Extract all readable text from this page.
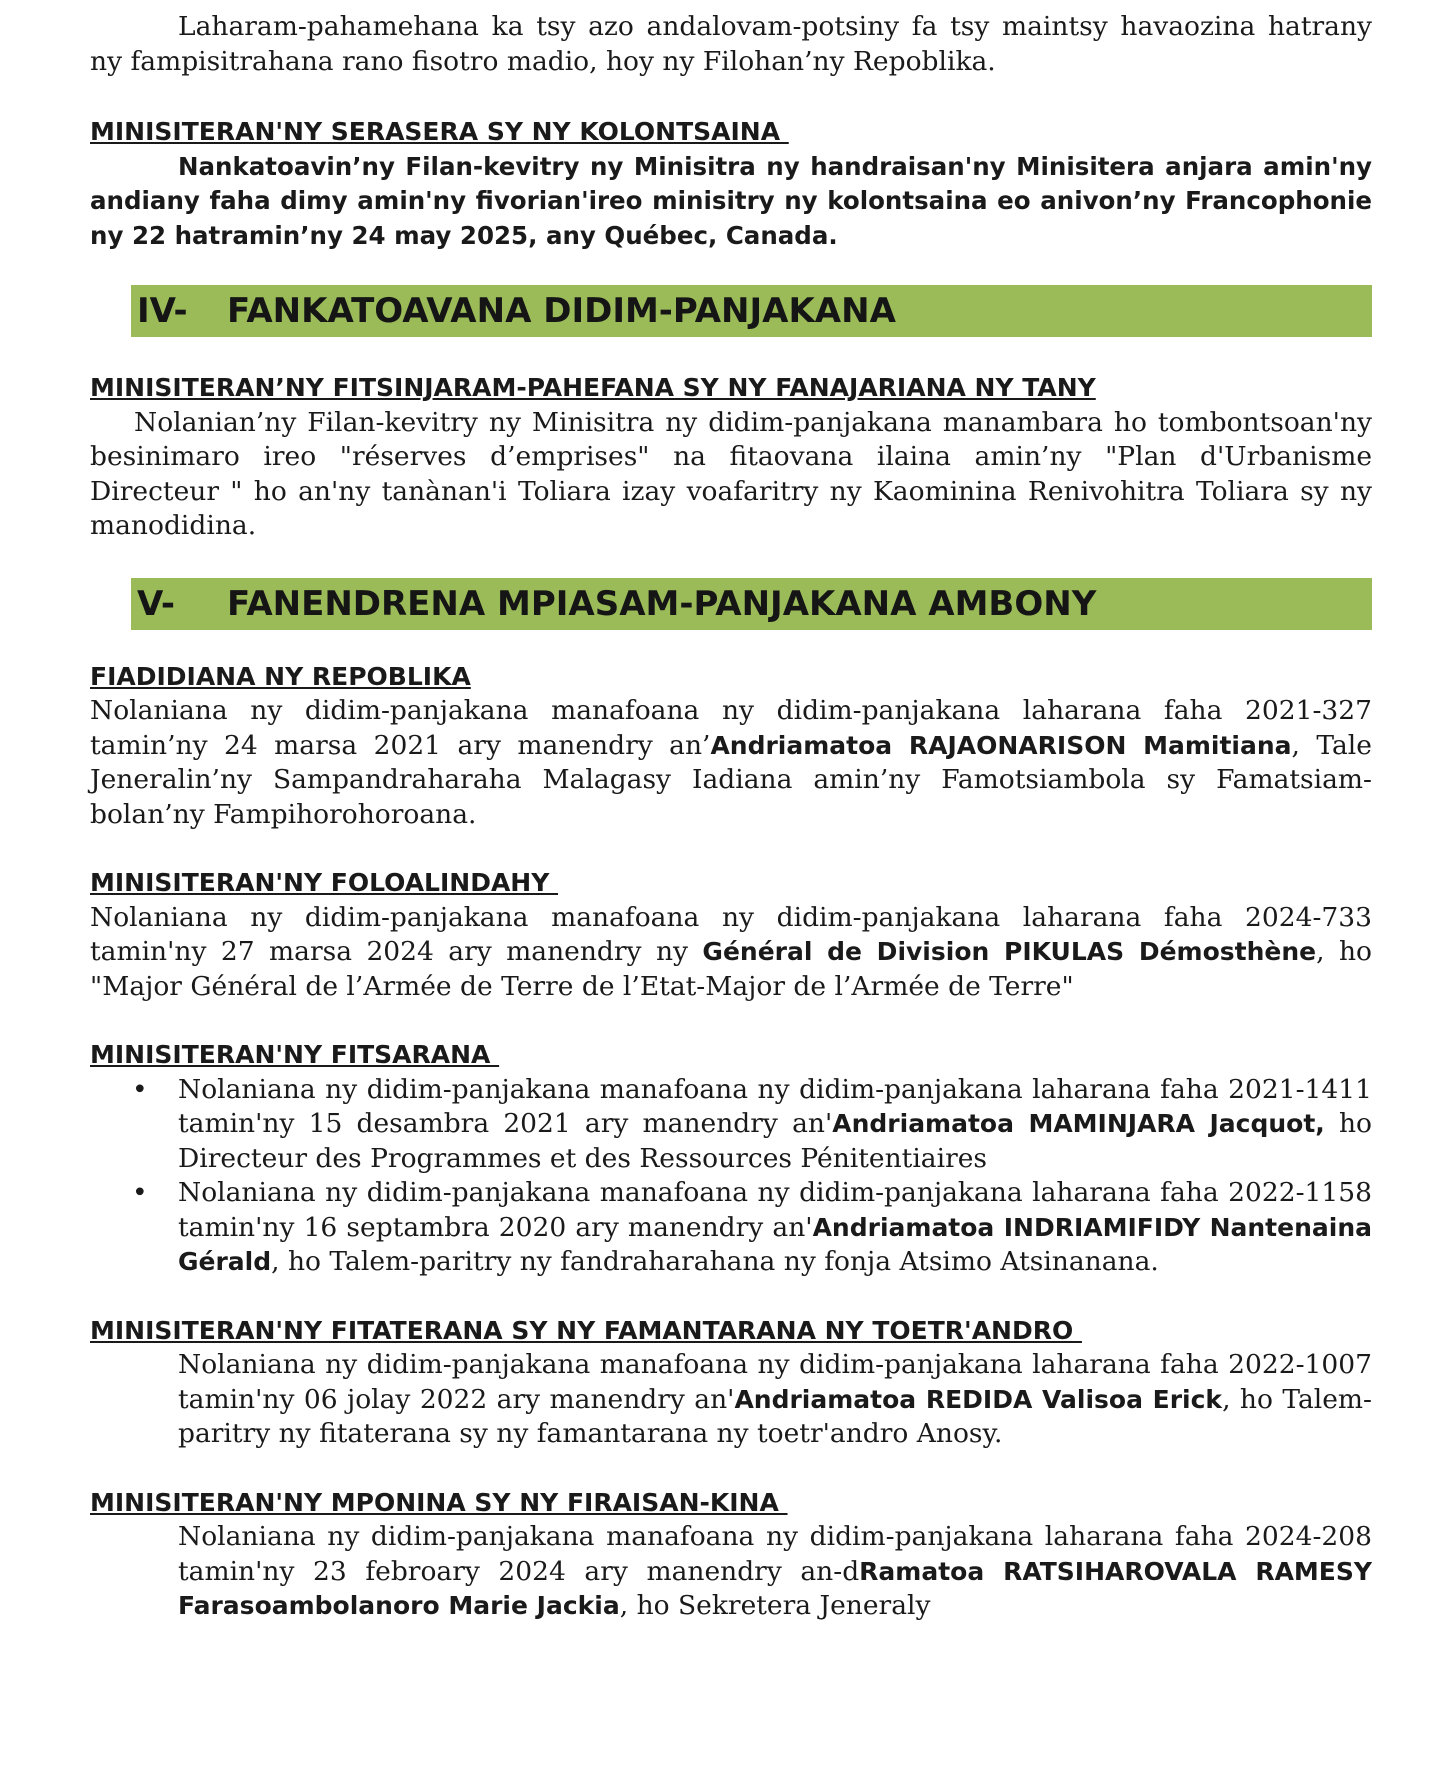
Laharam-pahamehana ka tsy azo andalovam-potsiny fa tsy maintsy havaozina hatrany ny fampisitrahana rano fisotro madio, hoy ny Filohan’ny Repoblika.

MINISITERAN'NY SERASERA SY NY KOLONTSAINA

Nankatoavin’ny Filan-kevitry ny Minisitra ny handraisan'ny Minisitera anjara amin'ny andiany faha dimy amin'ny fivorian'ireo minisitry ny kolontsaina eo anivon’ny Francophonie ny 22 hatramin’ny 24 may 2025, any Québec, Canada.

IV-	FANKATOAVANA DIDIM-PANJAKANA
MINISITERAN’NY FITSINJARAM-PAHEFANA SY NY FANAJARIANA NY TANY

Nolanian’ny Filan-kevitry ny Minisitra ny didim-panjakana manambara ho tombontsoan'ny besinimaro ireo "réserves d’emprises" na fitaovana ilaina amin’ny "Plan d'Urbanisme Directeur " ho an'ny tanànan'i Toliara izay voafaritry ny Kaominina Renivohitra Toliara sy ny manodidina.

V-	FANENDRENA MPIASAM-PANJAKANA AMBONY
FIADIDIANA NY REPOBLIKA

Nolaniana ny didim-panjakana manafoana ny didim-panjakana laharana faha 2021-327 tamin’ny 24 marsa 2021 ary manendry an’Andriamatoa RAJAONARISON Mamitiana, Tale Jeneralin’ny Sampandraharaha Malagasy Iadiana amin’ny Famotsiambola sy Famatsiam-bolan’ny Fampihorohoroana.

MINISITERAN'NY FOLOALINDAHY

Nolaniana ny didim-panjakana manafoana ny didim-panjakana laharana faha 2024-733 tamin'ny 27 marsa 2024 ary manendry ny Général de Division PIKULAS Démosthène, ho "Major Général de l’Armée de Terre de l’Etat-Major de l’Armée de Terre"

MINISITERAN'NY FITSARANA
• Nolaniana ny didim-panjakana manafoana ny didim-panjakana laharana faha 2021-1411 tamin'ny 15 desambra 2021 ary manendry an'Andriamatoa MAMINJARA Jacquot, ho Directeur des Programmes et des Ressources Pénitentiaires
• Nolaniana ny didim-panjakana manafoana ny didim-panjakana laharana faha 2022-1158 tamin'ny 16 septambra 2020 ary manendry an'Andriamatoa INDRIAMIFIDY Nantenaina Gérald, ho Talem-paritry ny fandraharahana ny fonja Atsimo Atsinanana.
MINISITERAN'NY FITATERANA SY NY FAMANTARANA NY TOETR'ANDRO

Nolaniana ny didim-panjakana manafoana ny didim-panjakana laharana faha 2022-1007 tamin'ny 06 jolay 2022 ary manendry an'Andriamatoa REDIDA Valisoa Erick, ho Talem-paritry ny fitaterana sy ny famantarana ny toetr'andro Anosy.

MINISITERAN'NY MPONINA SY NY FIRAISAN-KINA

Nolaniana ny didim-panjakana manafoana ny didim-panjakana laharana faha 2024-208 tamin'ny 23 febroary 2024 ary manendry an-dRamatoa RATSIHAROVALA RAMESY Farasoambolanoro Marie Jackia, ho Sekretera Jeneraly
